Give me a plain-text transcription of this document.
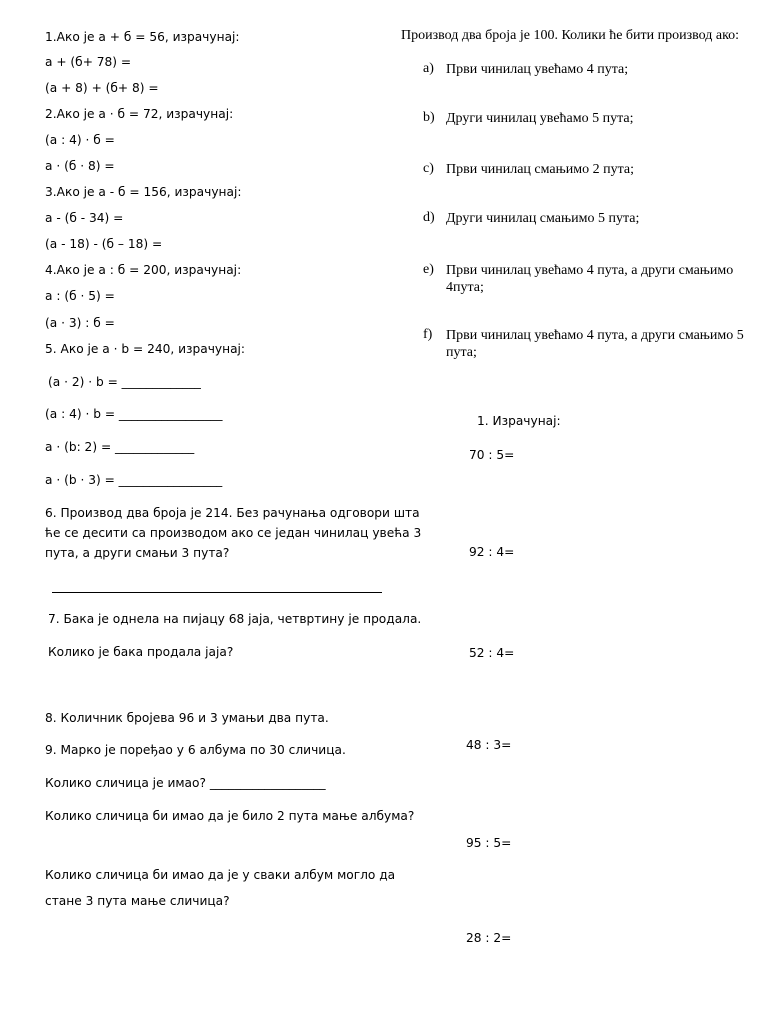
1.Ако је a + б = 56, израчунај:
a + (б+ 78) =
(a + 8) + (б+ 8) =
2.Ако је a · б = 72, израчунај:
(a : 4) · б =
a · (б · 8) =
3.Ако је a - б = 156, израчунај:
a - (б - 34) =
(a - 18) - (б – 18) =
4.Ако је a : б = 200, израчунај:
a : (б · 5) =
(a · 3) : б =
5. Ако је a · b = 240, израчунај:
(a · 2) · b = _____________
(a : 4) · b = _________________
a · (b: 2) = _____________
a · (b · 3) = _________________
6. Производ два броја је 214. Без рачунања одговори шта
ће се десити са производом ако се један чинилац увећа 3
пута, а други смањи 3 пута?
7. Бака је однела на пијацу 68 јаја, четвртину је продала.
Колико је бака продала јаја?
8. Количник бројева 96 и 3 умањи два пута.
9. Марко је поређао у 6 албума по 30 сличица.
Колико сличица је имао? ___________________
Колико сличица би имао да је било 2 пута мање албума?
Колико сличица би имао да је у сваки албум могло да
стане 3 пута мање сличица?
Производ два броја је 100. Колики ће бити производ ако:
a) Први чинилац увећамо 4 пута;
b) Други чинилац увећамо 5 пута;
c) Први чинилац смањимо 2 пута;
d) Други чинилац смањимо 5 пута;
e) Први чинилац увећамо 4 пута, а други смањимо 4пута;
f) Први чинилац увећамо 4 пута, а други смањимо 5 пута;
1. Израчунај:
70 : 5=
92 : 4=
52 : 4=
48 : 3=
95 : 5=
28 : 2=
